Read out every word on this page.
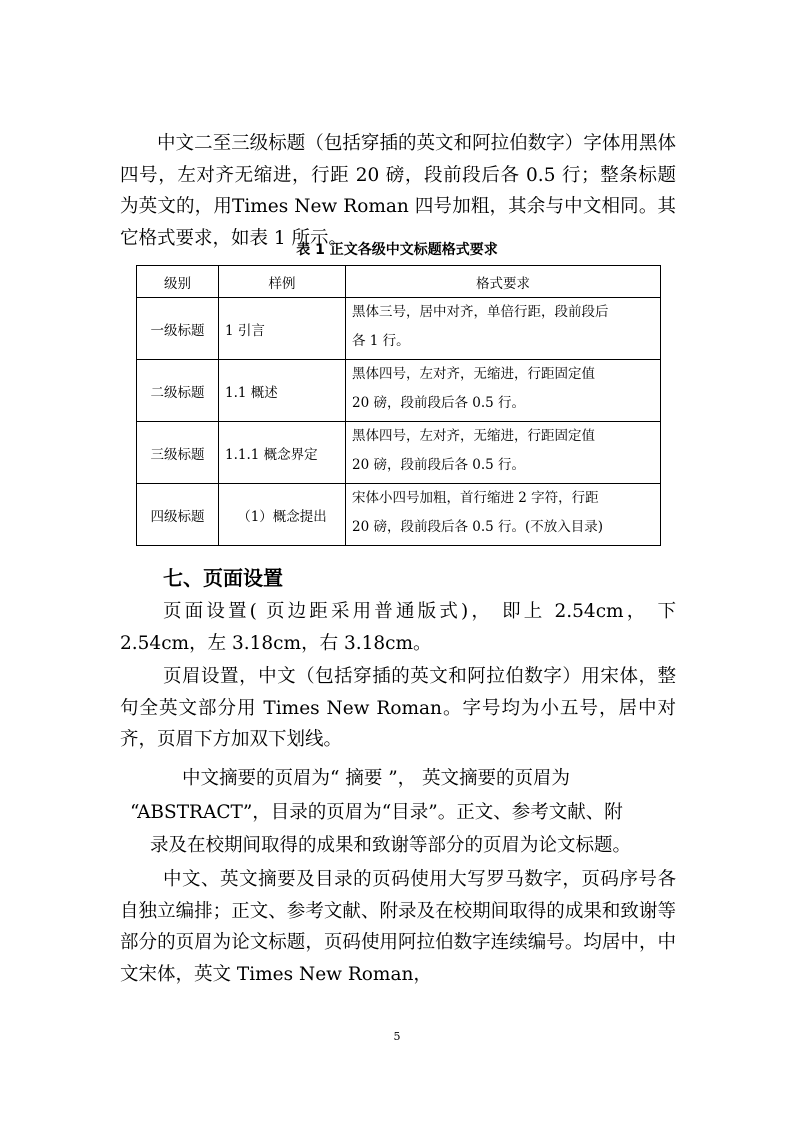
中文二至三级标题（包括穿插的英文和阿拉伯数字）字体用黑体四号，左对齐无缩进，行距 20 磅，段前段后各 0.5 行；整条标题为英文的，用Times New Roman 四号加粗，其余与中文相同。其它格式要求，如表 1 所示。

表 1 正文各级中文标题格式要求
级别	样例	格式要求
一级标题	1 引言	黑体三号，居中对齐，单倍行距，段前段后
各 1 行。

二级标题	1.1 概述	黑体四号，左对齐，无缩进，行距固定值
20 磅，段前段后各 0.5 行。

三级标题	1.1.1 概念界定	黑体四号，左对齐，无缩进，行距固定值
20 磅，段前段后各 0.5 行。

四级标题	（1）概念提出	宋体小四号加粗，首行缩进 2 字符，行距
20 磅，段前段后各 0.5 行。(不放入目录)
七、页面设置

页面设置( 页边距采用普通版式)， 即上 2.54cm， 下 2.54cm，左 3.18cm，右 3.18cm。

页眉设置，中文（包括穿插的英文和阿拉伯数字）用宋体，整句全英文部分用 Times New Roman。字号均为小五号，居中对齐，页眉下方加双下划线。

中文摘要的页眉为“ 摘要 ”， 英文摘要的页眉为

“ABSTRACT”，目录的页眉为“目录”。正文、参考文献、附

录及在校期间取得的成果和致谢等部分的页眉为论文标题。

中文、英文摘要及目录的页码使用大写罗马数字，页码序号各自独立编排；正文、参考文献、附录及在校期间取得的成果和致谢等部分的页眉为论文标题，页码使用阿拉伯数字连续编号。均居中，中文宋体，英文 Times New Roman，

5
